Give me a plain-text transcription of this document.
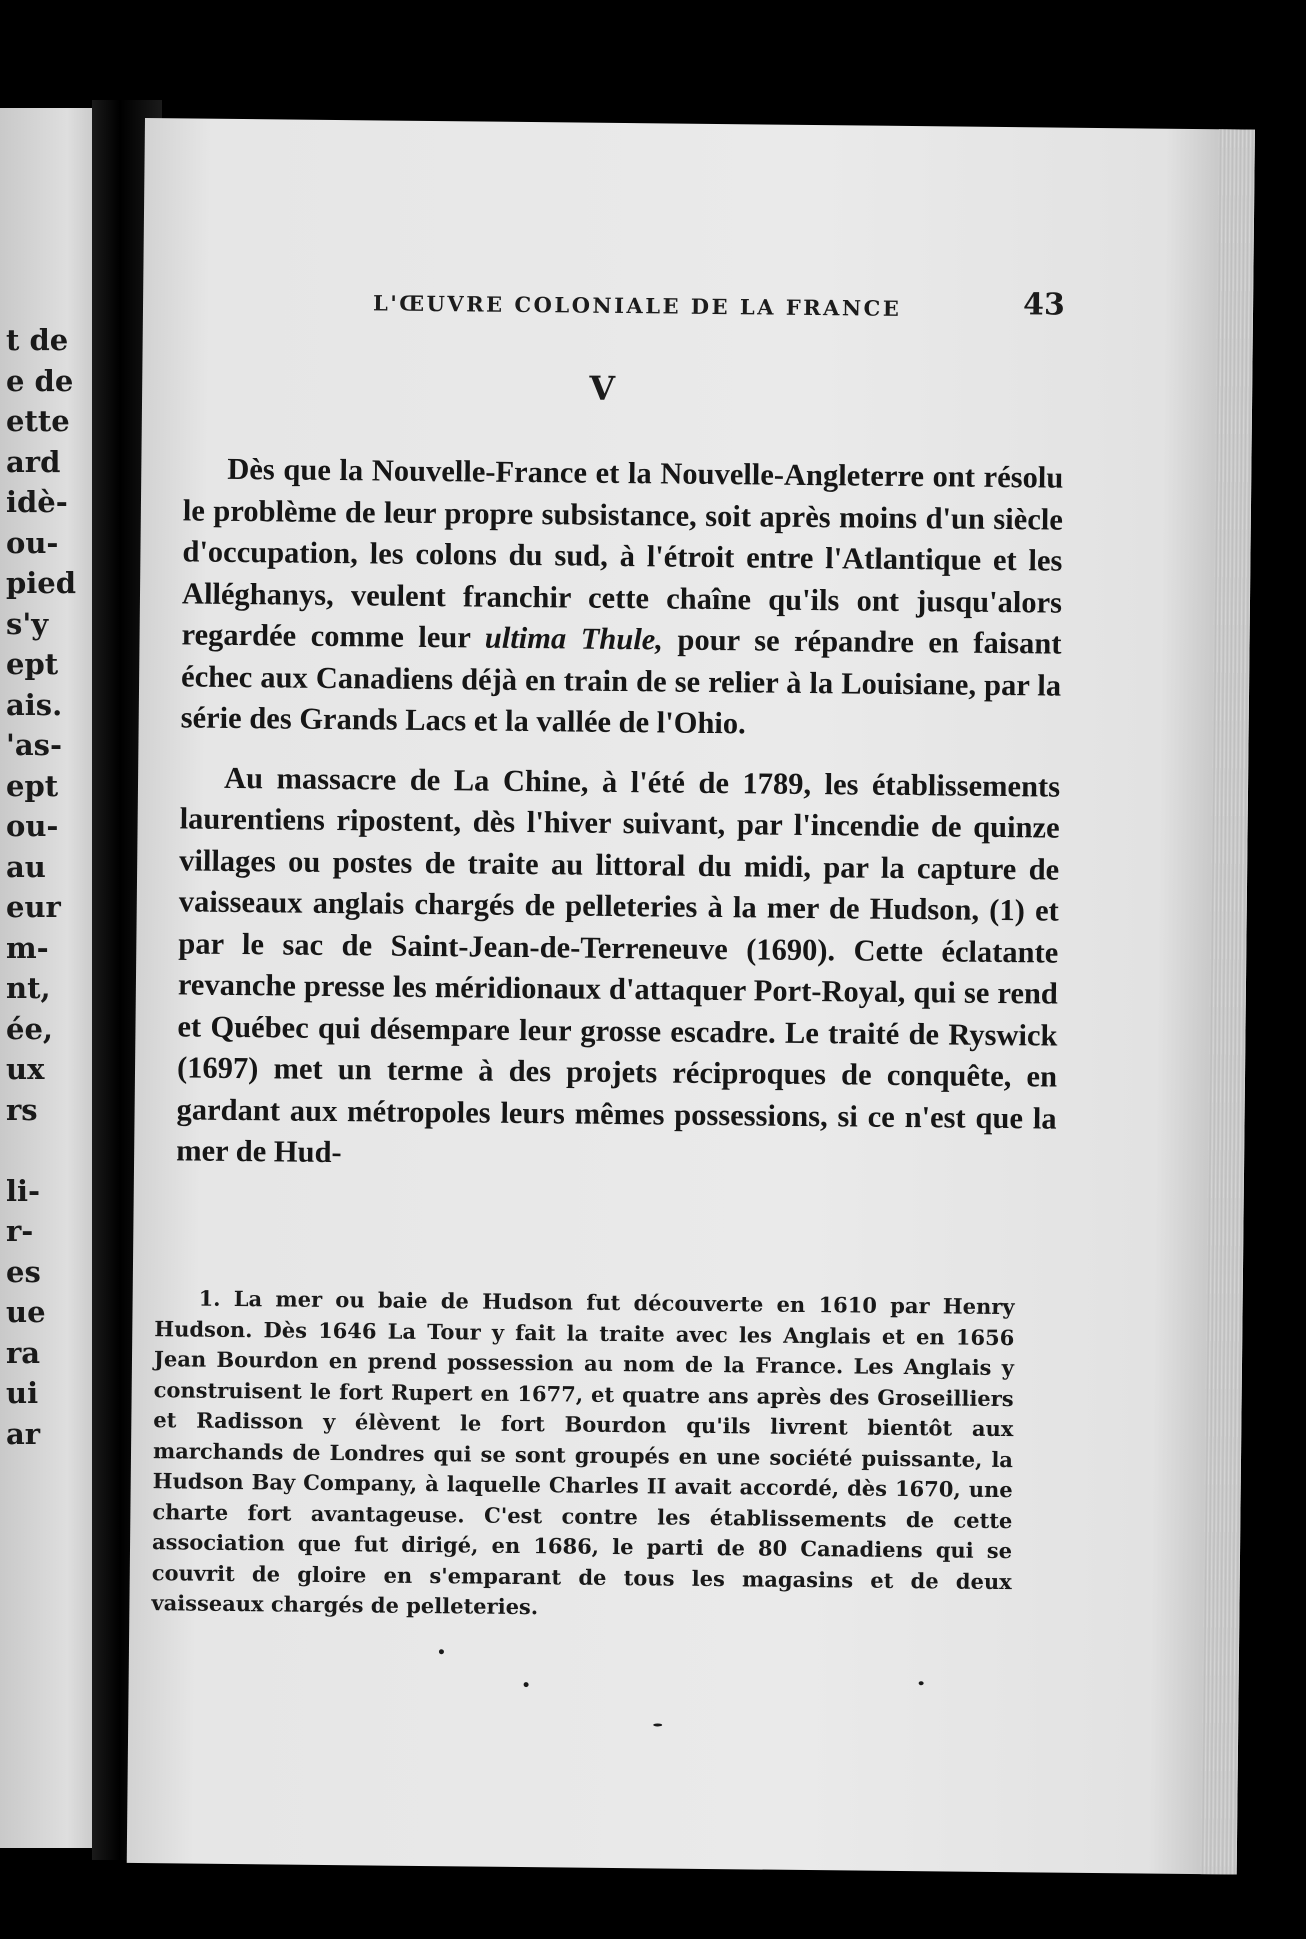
t de
e de
ette
ard
idè-
ou-
pied
s'y
ept
ais.
'as-
ept
ou-
au
eur
m-
nt,
ée,
ux
rs
li-
r-
es
ue
ra
ui
ar
L'ŒUVRE COLONIALE DE LA FRANCE	43
V

Dès que la Nouvelle-France et la Nouvelle-Angleterre ont résolu le problème de leur propre subsistance, soit après moins d'un siècle d'occupation, les colons du sud, à l'étroit entre l'Atlantique et les Alléghanys, veulent franchir cette chaîne qu'ils ont jusqu'alors regardée comme leur ultima Thule, pour se répandre en faisant échec aux Canadiens déjà en train de se relier à la Louisiane, par la série des Grands Lacs et la vallée de l'Ohio.

Au massacre de La Chine, à l'été de 1789, les établissements laurentiens ripostent, dès l'hiver suivant, par l'incendie de quinze villages ou postes de traite au littoral du midi, par la capture de vaisseaux anglais chargés de pelleteries à la mer de Hudson, (1) et par le sac de Saint-Jean-de-Terreneuve (1690). Cette éclatante revanche presse les méridionaux d'attaquer Port-Royal, qui se rend et Québec qui désempare leur grosse escadre. Le traité de Ryswick (1697) met un terme à des projets réciproques de conquête, en gardant aux métropoles leurs mêmes possessions, si ce n'est que la mer de Hud-

1. La mer ou baie de Hudson fut découverte en 1610 par Henry Hudson. Dès 1646 La Tour y fait la traite avec les Anglais et en 1656 Jean Bourdon en prend possession au nom de la France. Les Anglais y construisent le fort Rupert en 1677, et quatre ans après des Groseilliers et Radisson y élèvent le fort Bourdon qu'ils livrent bientôt aux marchands de Londres qui se sont groupés en une société puissante, la Hudson Bay Company, à laquelle Charles II avait accordé, dès 1670, une charte fort avantageuse. C'est contre les établissements de cette association que fut dirigé, en 1686, le parti de 80 Canadiens qui se couvrit de gloire en s'emparant de tous les magasins et de deux vaisseaux chargés de pelleteries.
